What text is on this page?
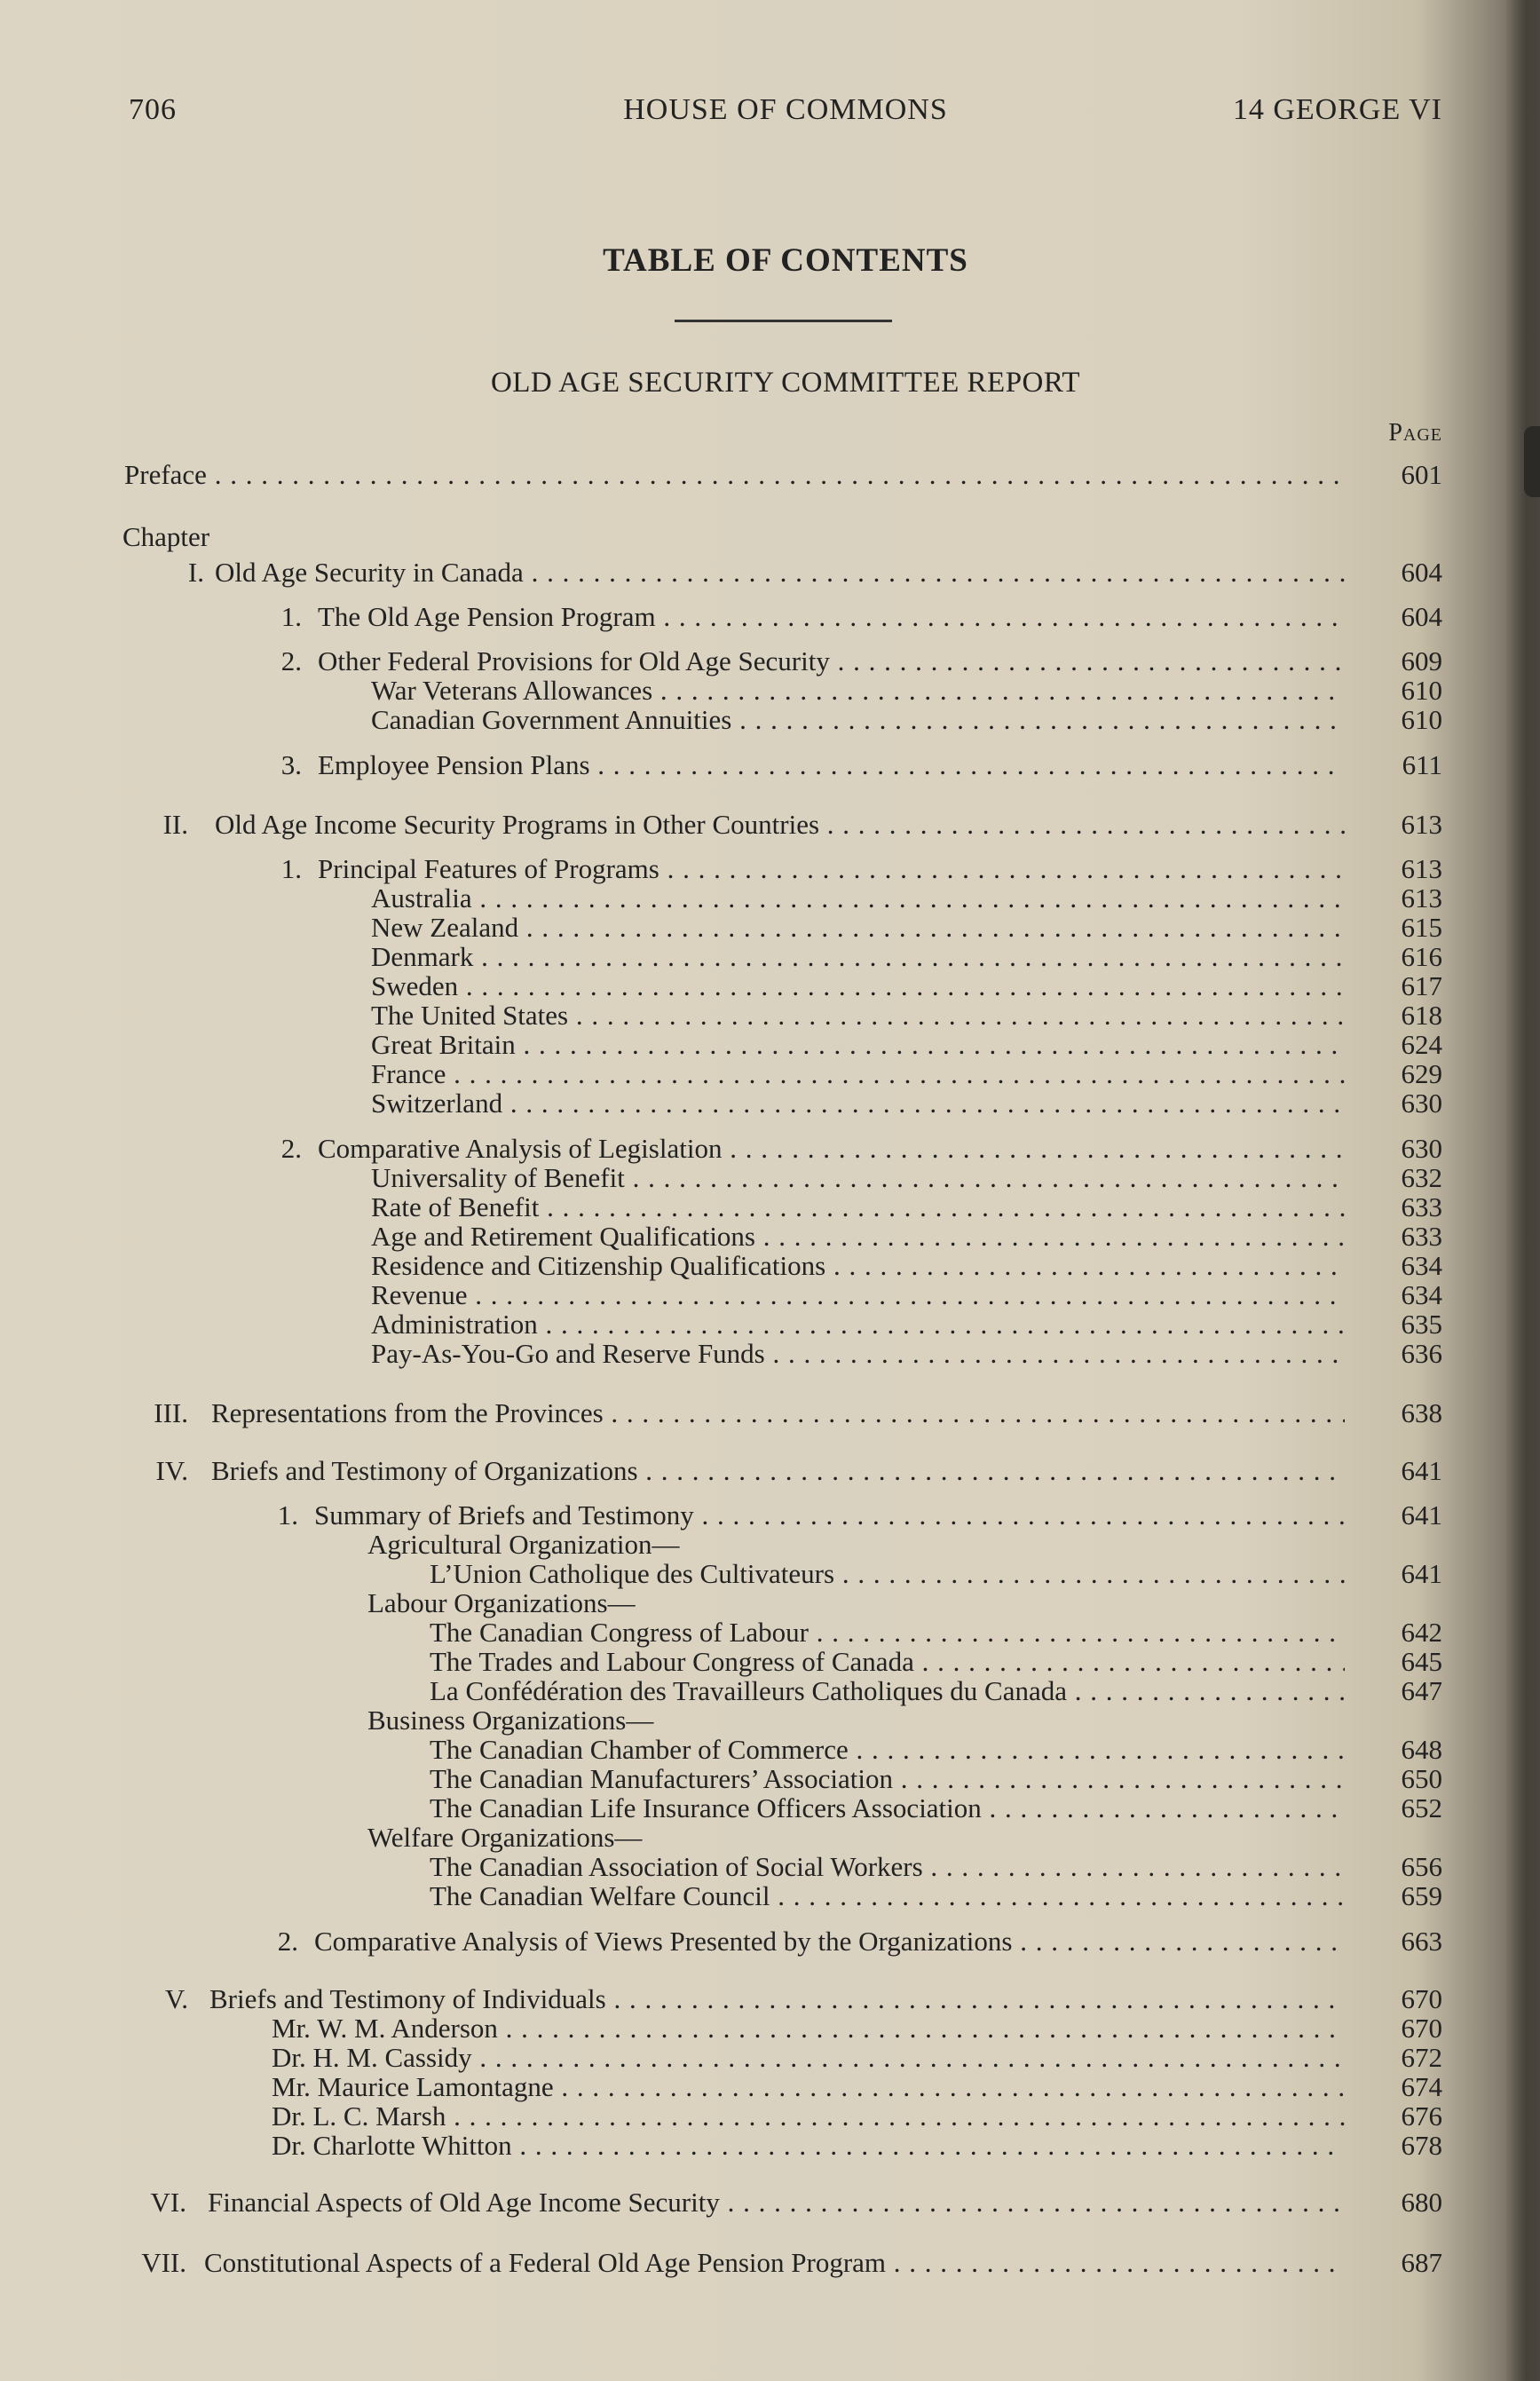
706	HOUSE OF COMMONS	14 GEORGE VI
TABLE OF CONTENTS
OLD AGE SECURITY COMMITTEE REPORT
Page
Preface . . .	601
Chapter
I. Old Age Security in Canada . . .	604
1. The Old Age Pension Program . . .	604
2. Other Federal Provisions for Old Age Security . . .	609
War Veterans Allowances . . .	610
Canadian Government Annuities . . .	610
3. Employee Pension Plans . . .	611
II. Old Age Income Security Programs in Other Countries . . .	613
1. Principal Features of Programs . . .	613
Australia . . .	613
New Zealand . . .	615
Denmark . . .	616
Sweden . . .	617
The United States . . .	618
Great Britain . . .	624
France . . .	629
Switzerland . . .	630
2. Comparative Analysis of Legislation . . .	630
Universality of Benefit . . .	632
Rate of Benefit . . .	633
Age and Retirement Qualifications . . .	633
Residence and Citizenship Qualifications . . .	634
Revenue . . .	634
Administration . . .	635
Pay-As-You-Go and Reserve Funds . . .	636
III. Representations from the Provinces . . .	638
IV. Briefs and Testimony of Organizations . . .	641
1. Summary of Briefs and Testimony . . .	641
Agricultural Organization—
L’Union Catholique des Cultivateurs . . .	641
Labour Organizations—
The Canadian Congress of Labour . . .	642
The Trades and Labour Congress of Canada . . .	645
La Confédération des Travailleurs Catholiques du Canada . . .	647
Business Organizations—
The Canadian Chamber of Commerce . . .	648
The Canadian Manufacturers’ Association . . .	650
The Canadian Life Insurance Officers Association . . .	652
Welfare Organizations—
The Canadian Association of Social Workers . . .	656
The Canadian Welfare Council . . .	659
2. Comparative Analysis of Views Presented by the Organizations . . .	663
V. Briefs and Testimony of Individuals . . .	670
Mr. W. M. Anderson . . .	670
Dr. H. M. Cassidy . . .	672
Mr. Maurice Lamontagne . . .	674
Dr. L. C. Marsh . . .	676
Dr. Charlotte Whitton . . .	678
VI. Financial Aspects of Old Age Income Security . . .	680
VII. Constitutional Aspects of a Federal Old Age Pension Program . . .	687
